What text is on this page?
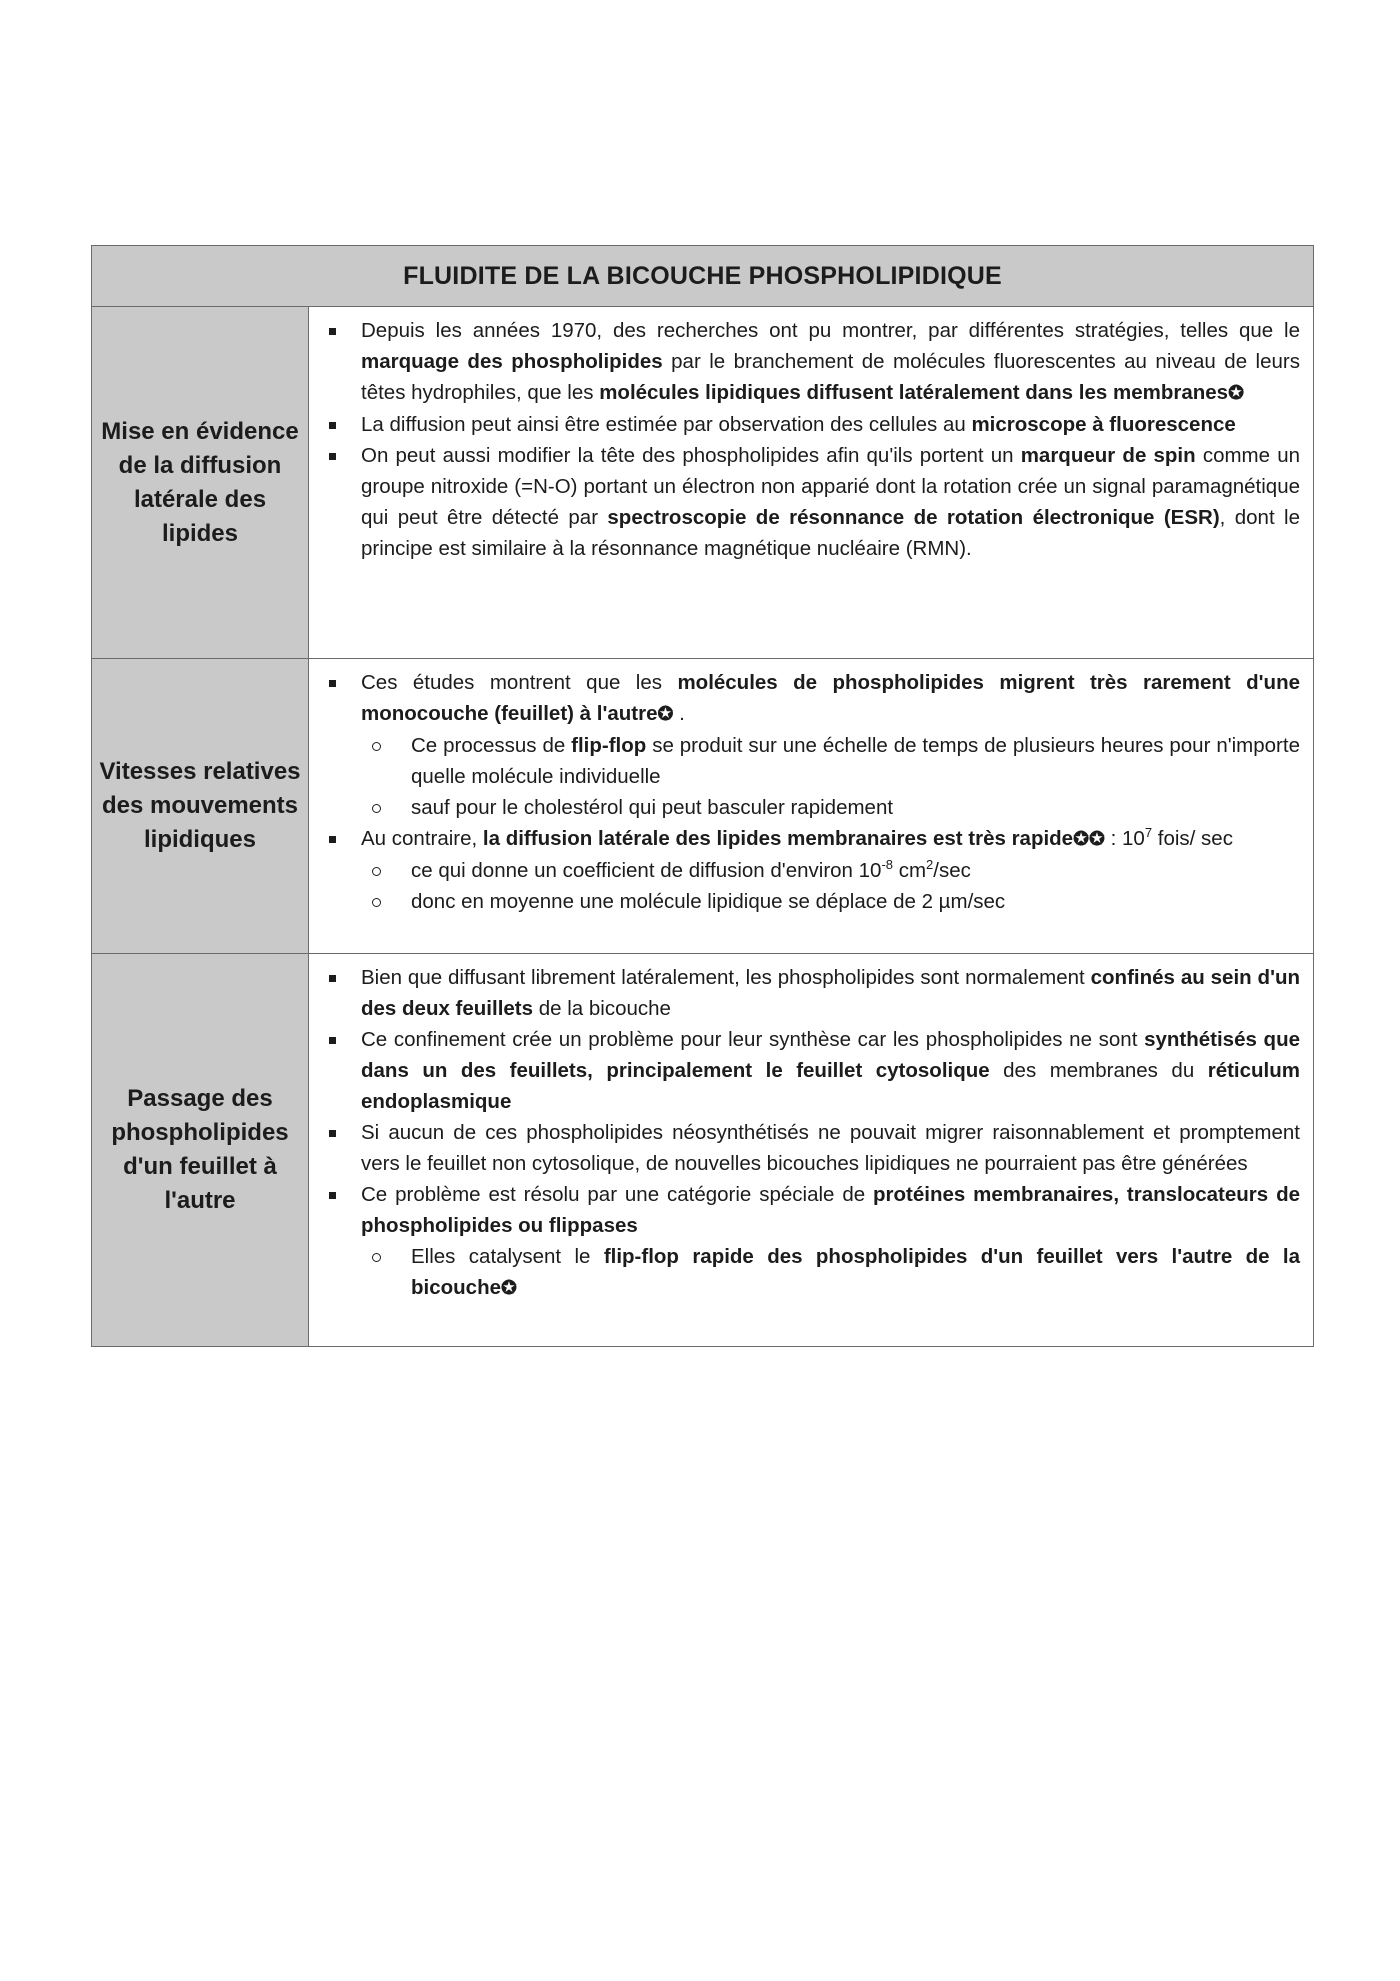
FLUIDITE DE LA BICOUCHE PHOSPHOLIPIDIQUE
Mise en évidence de la diffusion latérale des lipides
Depuis les années 1970, des recherches ont pu montrer, par différentes stratégies, telles que le marquage des phospholipides par le branchement de molécules fluorescentes au niveau de leurs têtes hydrophiles, que les molécules lipidiques diffusent latéralement dans les membranes✪
La diffusion peut ainsi être estimée par observation des cellules au microscope à fluorescence
On peut aussi modifier la tête des phospholipides afin qu'ils portent un marqueur de spin comme un groupe nitroxide (=N-O) portant un électron non apparié dont la rotation crée un signal paramagnétique qui peut être détecté par spectroscopie de résonnance de rotation électronique (ESR), dont le principe est similaire à la résonnance magnétique nucléaire (RMN).
Vitesses relatives des mouvements lipidiques
Ces études montrent que les molécules de phospholipides migrent très rarement d'une monocouche (feuillet) à l'autre✪ .
Ce processus de flip-flop se produit sur une échelle de temps de plusieurs heures pour n'importe quelle molécule individuelle
sauf pour le cholestérol qui peut basculer rapidement
Au contraire, la diffusion latérale des lipides membranaires est très rapide✪✪ : $10^7$ fois/ sec
ce qui donne un coefficient de diffusion d'environ $10^{-8}$ $cm^2/\sec$
donc en moyenne une molécule lipidique se déplace de 2 µm/sec
Passage des phospholipides d'un feuillet à l'autre
Bien que diffusant librement latéralement, les phospholipides sont normalement confinés au sein d'un des deux feuillets de la bicouche
Ce confinement crée un problème pour leur synthèse car les phospholipides ne sont synthétisés que dans un des feuillets, principalement le feuillet cytosolique des membranes du réticulum endoplasmique
Si aucun de ces phospholipides néosynthétisés ne pouvait migrer raisonnablement et promptement vers le feuillet non cytosolique, de nouvelles bicouches lipidiques ne pourraient pas être générées
Ce problème est résolu par une catégorie spéciale de protéines membranaires, translocateurs de phospholipides ou flippases
Elles catalysent le flip-flop rapide des phospholipides d'un feuillet vers l'autre de la bicouche✪
